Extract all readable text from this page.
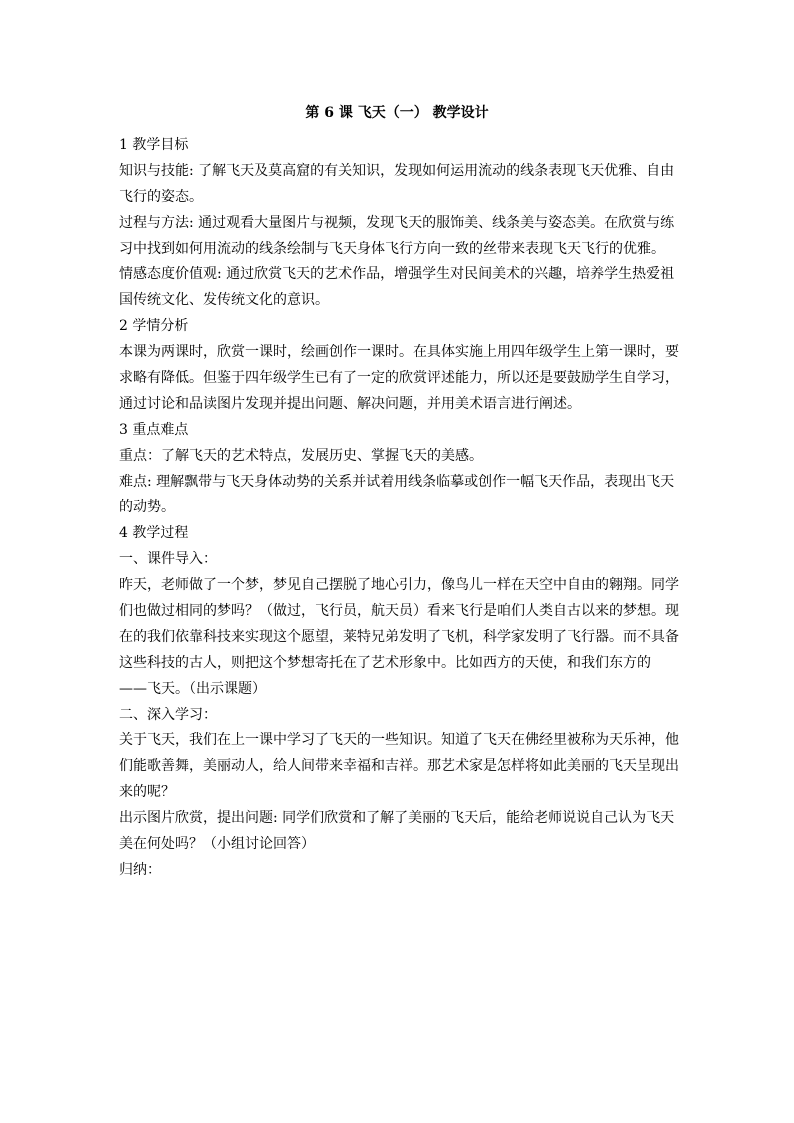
第 6 课 飞天（一） 教学设计
1 教学目标
知识与技能: 了解飞天及莫高窟的有关知识，发现如何运用流动的线条表现飞天优雅、自由
飞行的姿态。
过程与方法: 通过观看大量图片与视频，发现飞天的服饰美、线条美与姿态美。在欣赏与练
习中找到如何用流动的线条绘制与飞天身体飞行方向一致的丝带来表现飞天飞行的优雅。
情感态度价值观: 通过欣赏飞天的艺术作品，增强学生对民间美术的兴趣，培养学生热爱祖
国传统文化、发传统文化的意识。
2 学情分析
本课为两课时，欣赏一课时，绘画创作一课时。在具体实施上用四年级学生上第一课时，要
求略有降低。但鉴于四年级学生已有了一定的欣赏评述能力，所以还是要鼓励学生自学习，
通过讨论和品读图片发现并提出问题、解决问题，并用美术语言进行阐述。
3 重点难点
重点：了解飞天的艺术特点，发展历史、掌握飞天的美感。
难点: 理解飘带与飞天身体动势的关系并试着用线条临摹或创作一幅飞天作品，表现出飞天
的动势。
4 教学过程
一、课件导入：
昨天，老师做了一个梦，梦见自己摆脱了地心引力，像鸟儿一样在天空中自由的翱翔。同学
们也做过相同的梦吗？（做过，飞行员，航天员）看来飞行是咱们人类自古以来的梦想。现
在的我们依靠科技来实现这个愿望，莱特兄弟发明了飞机，科学家发明了飞行器。而不具备
这些科技的古人，则把这个梦想寄托在了艺术形象中。比如西方的天使，和我们东方的
——飞天。（出示课题）
二、深入学习：
关于飞天，我们在上一课中学习了飞天的一些知识。知道了飞天在佛经里被称为天乐神，他
们能歌善舞，美丽动人，给人间带来幸福和吉祥。那艺术家是怎样将如此美丽的飞天呈现出
来的呢？
出示图片欣赏，提出问题: 同学们欣赏和了解了美丽的飞天后，能给老师说说自己认为飞天
美在何处吗？（小组讨论回答）
归纳：
